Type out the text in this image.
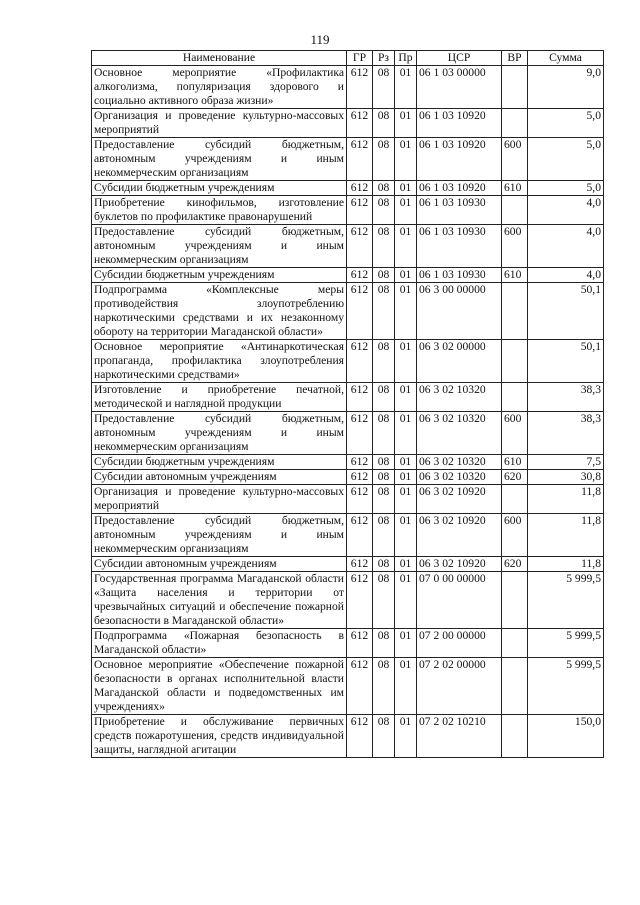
119
Наименование	ГР	Рз	Пр	ЦСР	ВР	Сумма
Основное мероприятие «Профилактика алкоголизма, популяризация здорового и социально активного образа жизни»	612	08	01	06 1 03 00000		9,0
Организация и проведение культурно-массовых мероприятий	612	08	01	06 1 03 10920		5,0
Предоставление субсидий бюджетным, автономным учреждениям и иным некоммерческим организациям	612	08	01	06 1 03 10920	600	5,0
Субсидии бюджетным учреждениям	612	08	01	06 1 03 10920	610	5,0
Приобретение кинофильмов, изготовление буклетов по профилактике правонарушений	612	08	01	06 1 03 10930		4,0
Предоставление субсидий бюджетным, автономным учреждениям и иным некоммерческим организациям	612	08	01	06 1 03 10930	600	4,0
Субсидии бюджетным учреждениям	612	08	01	06 1 03 10930	610	4,0
Подпрограмма «Комплексные меры противодействия злоупотреблению наркотическими средствами и их незаконному обороту на территории Магаданской области»	612	08	01	06 3 00 00000		50,1
Основное мероприятие «Антинаркотическая пропаганда, профилактика злоупотребления наркотическими средствами»	612	08	01	06 3 02 00000		50,1
Изготовление и приобретение печатной, методической и наглядной продукции	612	08	01	06 3 02 10320		38,3
Предоставление субсидий бюджетным, автономным учреждениям и иным некоммерческим организациям	612	08	01	06 3 02 10320	600	38,3
Субсидии бюджетным учреждениям	612	08	01	06 3 02 10320	610	7,5
Субсидии автономным учреждениям	612	08	01	06 3 02 10320	620	30,8
Организация и проведение культурно-массовых мероприятий	612	08	01	06 3 02 10920		11,8
Предоставление субсидий бюджетным, автономным учреждениям и иным некоммерческим организациям	612	08	01	06 3 02 10920	600	11,8
Субсидии автономным учреждениям	612	08	01	06 3 02 10920	620	11,8
Государственная программа Магаданской области «Защита населения и территории от чрезвычайных ситуаций и обеспечение пожарной безопасности в Магаданской области»	612	08	01	07 0 00 00000		5 999,5
Подпрограмма «Пожарная безопасность в Магаданской области»	612	08	01	07 2 00 00000		5 999,5
Основное мероприятие «Обеспечение пожарной безопасности в органах исполнительной власти Магаданской области и подведомственных им учреждениях»	612	08	01	07 2 02 00000		5 999,5
Приобретение и обслуживание первичных средств пожаротушения, средств индивидуальной защиты, наглядной агитации	612	08	01	07 2 02 10210		150,0
